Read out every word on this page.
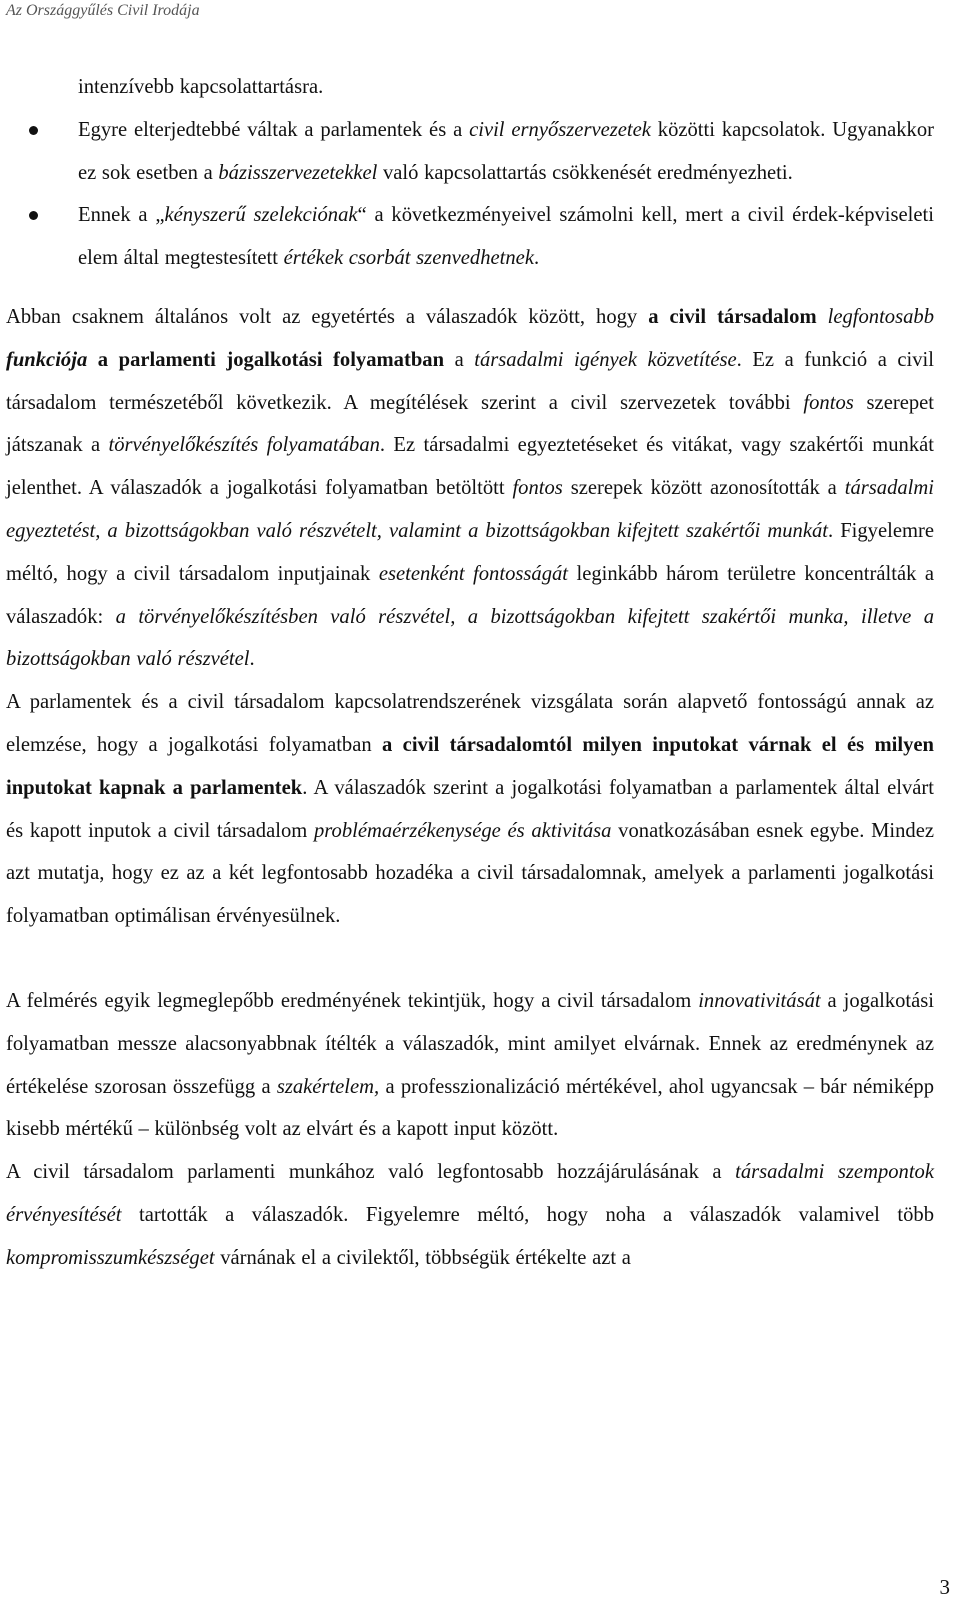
Az Országgyűlés Civil Irodája

intenzívebb kapcsolattartásra.

Egyre elterjedtebbé váltak a parlamentek és a civil ernyőszervezetek közötti kapcsolatok. Ugyanakkor ez sok esetben a bázisszervezetekkel való kapcsolattartás csökkenését eredményezheti.
Ennek a „kényszerű szelekciónak“ a következményeivel számolni kell, mert a civil érdek-képviseleti elem által megtestesített értékek csorbát szenvedhetnek.

Abban csaknem általános volt az egyetértés a válaszadók között, hogy a civil társadalom legfontosabb funkciója a parlamenti jogalkotási folyamatban a társadalmi igények közvetítése. Ez a funkció a civil társadalom természetéből következik. A megítélések szerint a civil szervezetek további fontos szerepet játszanak a törvényelőkészítés folyamatában. Ez társadalmi egyeztetéseket és vitákat, vagy szakértői munkát jelenthet. A válaszadók a jogalkotási folyamatban betöltött fontos szerepek között azonosították a társadalmi egyeztetést, a bizottságokban való részvételt, valamint a bizottságokban kifejtett szakértői munkát. Figyelemre méltó, hogy a civil társadalom inputjainak esetenként fontosságát leginkább három területre koncentrálták a válaszadók: a törvényelőkészítésben való részvétel, a bizottságokban kifejtett szakértői munka, illetve a bizottságokban való részvétel.

A parlamentek és a civil társadalom kapcsolatrendszerének vizsgálata során alapvető fontosságú annak az elemzése, hogy a jogalkotási folyamatban a civil társadalomtól milyen inputokat várnak el és milyen inputokat kapnak a parlamentek. A válaszadók szerint a jogalkotási folyamatban a parlamentek által elvárt és kapott inputok a civil társadalom problémaérzékenysége és aktivitása vonatkozásában esnek egybe. Mindez azt mutatja, hogy ez az a két legfontosabb hozadéka a civil társadalomnak, amelyek a parlamenti jogalkotási folyamatban optimálisan érvényesülnek.

A felmérés egyik legmeglepőbb eredményének tekintjük, hogy a civil társadalom innovativitását a jogalkotási folyamatban messze alacsonyabbnak ítélték a válaszadók, mint amilyet elvárnak. Ennek az eredménynek az értékelése szorosan összefügg a szakértelem, a professzionalizáció mértékével, ahol ugyancsak – bár némiképp kisebb mértékű – különbség volt az elvárt és a kapott input között.

A civil társadalom parlamenti munkához való legfontosabb hozzájárulásának a társadalmi szempontok érvényesítését tartották a válaszadók. Figyelemre méltó, hogy noha a válaszadók valamivel több kompromisszumkészséget várnának el a civilektől, többségük értékelte azt a

3
